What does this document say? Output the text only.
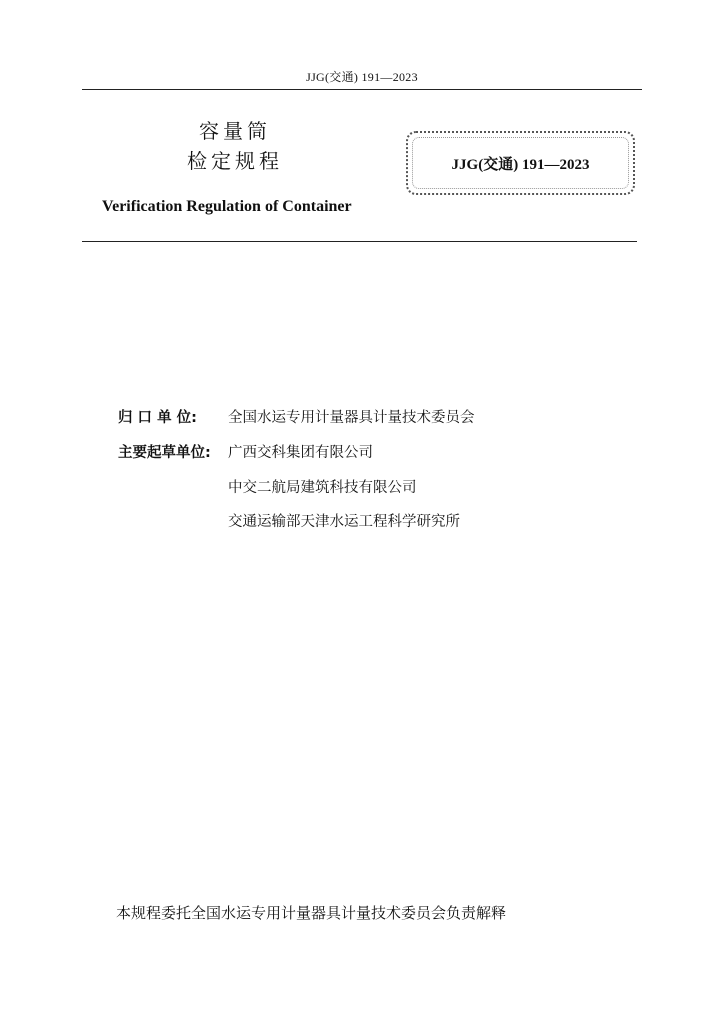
JJG(交通) 191—2023
容量筒
检定规程
Verification Regulation of Container
JJG(交通) 191—2023
归 口 单 位:	全国水运专用计量器具计量技术委员会
主要起草单位:	广西交科集团有限公司
中交二航局建筑科技有限公司
交通运输部天津水运工程科学研究所
本规程委托全国水运专用计量器具计量技术委员会负责解释
